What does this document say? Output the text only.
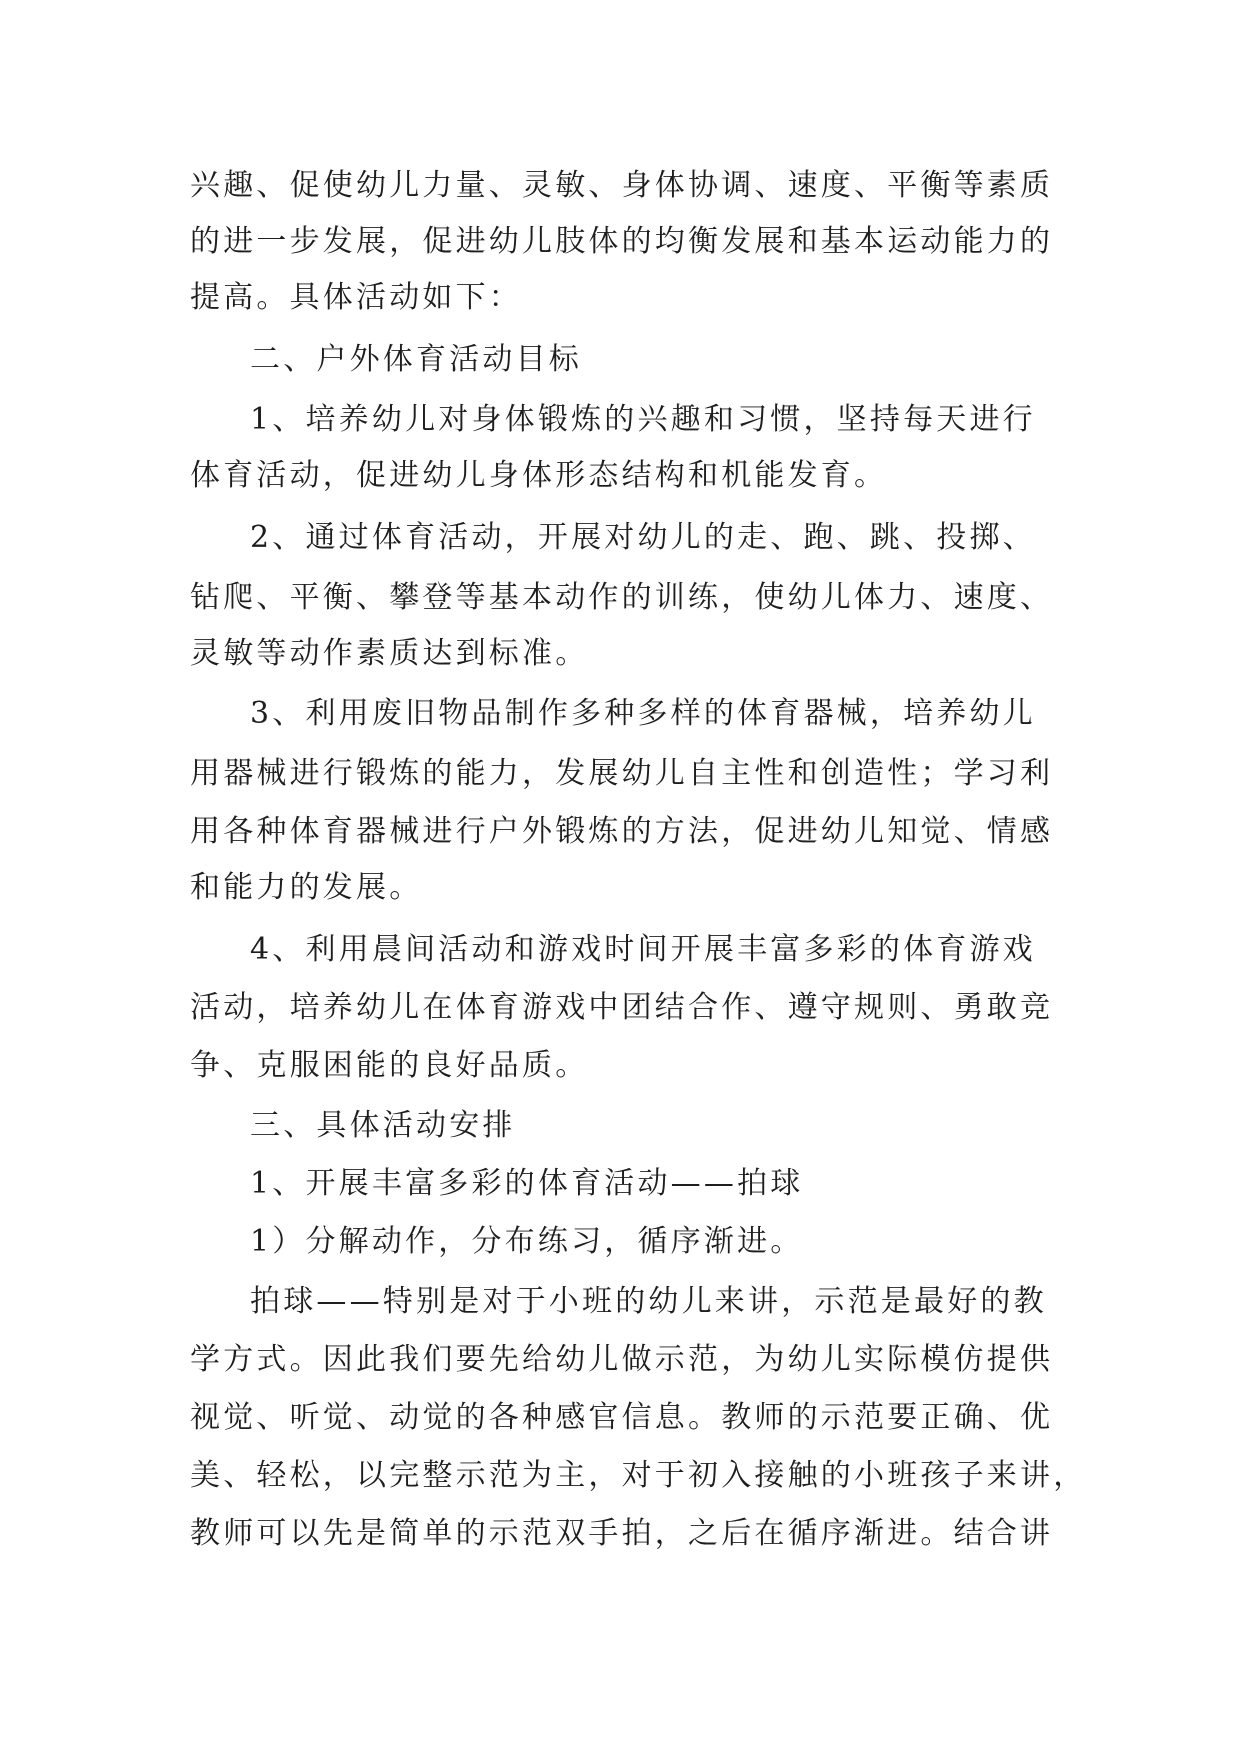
兴趣、促使幼儿力量、灵敏、身体协调、速度、平衡等素质
的进一步发展，促进幼儿肢体的均衡发展和基本运动能力的
提高。具体活动如下：
二、户外体育活动目标
1、培养幼儿对身体锻炼的兴趣和习惯，坚持每天进行
体育活动，促进幼儿身体形态结构和机能发育。
2、通过体育活动，开展对幼儿的走、跑、跳、投掷、
钻爬、平衡、攀登等基本动作的训练，使幼儿体力、速度、
灵敏等动作素质达到标准。
3、利用废旧物品制作多种多样的体育器械，培养幼儿
用器械进行锻炼的能力，发展幼儿自主性和创造性；学习利
用各种体育器械进行户外锻炼的方法，促进幼儿知觉、情感
和能力的发展。
4、利用晨间活动和游戏时间开展丰富多彩的体育游戏
活动，培养幼儿在体育游戏中团结合作、遵守规则、勇敢竞
争、克服困能的良好品质。
三、具体活动安排
1、开展丰富多彩的体育活动——拍球
1）分解动作，分布练习，循序渐进。
拍球——特别是对于小班的幼儿来讲，示范是最好的教
学方式。因此我们要先给幼儿做示范，为幼儿实际模仿提供
视觉、听觉、动觉的各种感官信息。教师的示范要正确、优
美、轻松，以完整示范为主，对于初入接触的小班孩子来讲，
教师可以先是简单的示范双手拍，之后在循序渐进。结合讲
